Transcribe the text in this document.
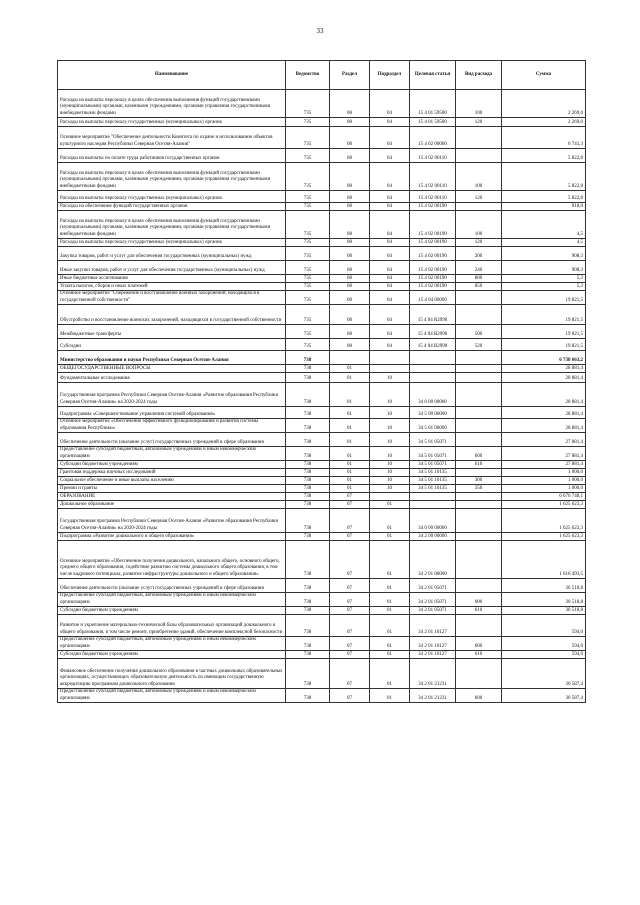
33
Наименование	Ведомство	Раздел	Подраздел	Целевая статья	Вид расхода	Сумма
Расходы на выплаты персоналу в целях обеспечения выполнения функций государственными (муниципальными) органами, казенными учреждениями, органами управления государственными внебюджетными фондами	735	08	04	15 4 01 59500	100	2 269,0
Расходы на выплаты персоналу государственных (муниципальных) органов	735	08	04	15 4 01 59500	120	2 269,0
Основное мероприятие "Обеспечение деятельности Комитета по охране и использованию объектов культурного наследия Республики Северная Осетия-Алания"	735	08	04	15 4 02 00000		6 741,3
Расходы на выплаты по оплате труда работников государственных органов	735	08	04	15 4 02 00110		5 822,8
Расходы на выплаты персоналу в целях обеспечения выполнения функций государственными (муниципальными) органами, казенными учреждениями, органами управления государственными внебюджетными фондами	735	08	04	15 4 02 00110	100	5 822,8
Расходы на выплаты персоналу государственных (муниципальных) органов	735	08	04	15 4 02 00110	120	5 822,8
Расходы на обеспечение функций государственных органов	735	08	04	15 4 02 00190		918,0
Расходы на выплаты персоналу в целях обеспечения выполнения функций государственными (муниципальными) органами, казенными учреждениями, органами управления государственными внебюджетными фондами	735	08	04	15 4 02 00190	100	4,5
Расходы на выплаты персоналу государственных (муниципальных) органов	735	08	04	15 4 02 00190	120	4,5
Закупка товаров, работ и услуг для обеспечения государственных (муниципальных) нужд	735	08	04	15 4 02 00190	200	908,3
Иные закупки товаров, работ и услуг для обеспечения государственных (муниципальных) нужд	735	08	04	15 4 02 00190	240	908,3
Иные бюджетные ассигнования	735	08	04	15 4 02 00190	800	5,3
Уплата налогов, сборов и иных платежей	735	08	04	15 4 02 00190	850	5,3
Основное мероприятие "Сбережение и восстановление военных захоронений, находящихся в государственной собственности"	735	08	04	15 4 04 00000		19 821,5
Обустройство и восстановление воинских захоронений, находящихся в государственной собственности	735	08	04	15 4 04 R2990		19 821,5
Межбюджетные трансферты	735	08	04	15 4 04 R2990	500	19 821,5
Субсидии	735	08	04	15 4 04 R2990	520	19 821,5
Министерство образования и науки Республики Северная Осетия-Алания	738					6 738 663,2
ОБЩЕГОСУДАРСТВЕННЫЕ ВОПРОСЫ	738	01				28 881,4
Фундаментальные исследования	738	01	10			28 881,4
Государственная программа Республики Северная Осетия-Алания «Развитие образования Республики Северная Осетия-Алания» на 2020-2024 годы	738	01	10	34 0 00 00000		28 881,4
Подпрограмма «Совершенствование управления системой образования»	738	01	10	34 5 00 00000		28 881,4
Основное мероприятие «Обеспечение эффективного функционирования и развития системы образования Республики»	738	01	10	34 5 01 00000		28 881,4
Обеспечение деятельности (оказание услуг) государственных учреждений в сфере образования	738	01	10	34 5 01 05071		27 881,4
Предоставление субсидий бюджетным, автономным учреждениям и иным некоммерческим организациям	738	01	10	34 5 01 05071	600	27 881,4
Субсидии бюджетным учреждениям	738	01	10	34 5 01 05071	610	27 881,4
Грантовая поддержка научных исследований	738	01	10	34 5 01 10135		1 000,0
Социальное обеспечение и иные выплаты населению	738	01	10	34 5 01 10135	300	1 000,0
Премии и гранты	738	01	10	34 5 01 10135	350	1 000,0
ОБРАЗОВАНИЕ	738	07				6 676 748,1
Дошкольное образование	738	07	01			1 625 623,3
Государственная программа Республики Северная Осетия-Алания «Развитие образования Республики Северная Осетия-Алания» на 2020-2024 годы	738	07	01	34 0 00 00000		1 625 623,3
Подпрограмма «Развитие дошкольного и общего образования»	738	07	01	34 2 00 00000		1 625 623,3
Основное мероприятие «Обеспечение получения дошкольного, начального общего, основного общего, среднего общего образования, содействие развитию системы дошкольного общего образования, в том числе кадрового потенциала, развитие инфраструктуры дошкольного и общего образования»	738	07	01	34 2 01 00000		1 616 493,5
Обеспечение деятельности (оказание услуг) государственных учреждений в сфере образования	738	07	01	34 2 01 05071		30 518,8
Предоставление субсидий бюджетным, автономным учреждениям и иным некоммерческим организациям	738	07	01	34 2 01 05071	600	30 518,8
Субсидии бюджетным учреждениям	738	07	01	34 2 01 05071	610	30 518,8
Развитие и укрепление материально-технической базы образовательных организаций дошкольного и общего образования, в том числе ремонт, приобретение зданий, обеспечение комплексной безопасности	738	07	01	34 2 01 10127		594,0
Предоставление субсидий бюджетным, автономным учреждениям и иным некоммерческим организациям	738	07	01	34 2 01 10127	600	594,0
Субсидии бюджетным учреждениям	738	07	01	34 2 01 10127	610	594,0
Финансовое обеспечение получения дошкольного образования в частных дошкольных образовательных организациях, осуществляющих образовательную деятельность по имеющим государственную аккредитацию программам дошкольного образования	738	07	01	34 2 01 21231		36 587,4
Предоставление субсидий бюджетным, автономным учреждениям и иным некоммерческим организациям	738	07	01	34 2 01 21231	600	36 587,4
